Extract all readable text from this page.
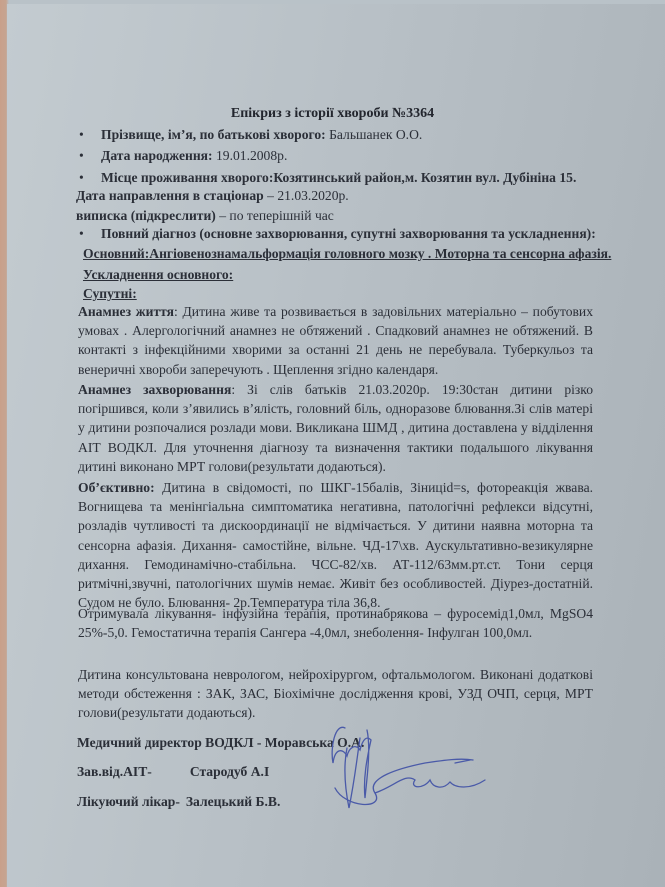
Епікриз з історії хвороби №3364
• Прізвище, ім’я, по батькові хворого: Бальшанек О.О.
• Дата народження: 19.01.2008р.
• Місце проживання хворого:Козятинський район,м. Козятин вул. Дубініна 15.
Дата направлення в стаціонар – 21.03.2020р.
виписка (підкреслити) – по теперішній час
• Повний діагноз (основне захворювання, супутні захворювання та ускладнення):
Основний:Ангіовенознамальформація головного мозку . Моторна та сенсорна афазія.
Ускладнення основного:
Супутні:
Анамнез життя: Дитина живе та розвивається в задовільних матеріально – побутових умовах . Алергологічний анамнез не обтяжений . Спадковий анамнез не обтяжений. В контакті з інфекційними хворими за останні 21 день не перебувала. Туберкульоз та венеричні хвороби заперечують . Щеплення згідно календаря.
Анамнез захворювання: Зі слів батьків 21.03.2020р. 19:30стан дитини різко погіршився, коли з’явились в’ялість, головний біль, одноразове блювання.Зі слів матері у дитини розпочалися розлади мови. Викликана ШМД , дитина доставлена у відділення АІТ ВОДКЛ. Для уточнення діагнозу та визначення тактики подальшого лікування дитині виконано МРТ голови(результати додаються).
Об’єктивно: Дитина в свідомості, по ШКГ-15балів, Зіниціd=s, фотореакція жвава. Вогнищева та менінгіальна симптоматика негативна, патологічні рефлекси відсутні, розладів чутливості та дискоординації не відмічається. У дитини наявна моторна та сенсорна афазія. Дихання- самостійне, вільне. ЧД-17\хв. Аускультативно-везикулярне дихання. Гемодинамічно-стабільна. ЧСС-82/хв. АТ-112/63мм.рт.ст. Тони серця ритмічні,звучні, патологічних шумів немає. Живіт без особливостей. Діурез-достатній. Судом не було. Блювання- 2р.Температура тіла 36,8.
Отримувала лікування- інфузійна терапія, протинабрякова – фуросемід1,0мл, MgSO4 25%-5,0. Гемостатична терапія Сангера -4,0мл, знеболення- Інфулган 100,0мл.
Дитина консультована неврологом, нейрохірургом, офтальмологом. Виконані додаткові методи обстеження : ЗАК, ЗАС, Біохімічне дослідження крові, УЗД ОЧП, серця, МРТ голови(результати додаються).
Медичний директор ВОДКЛ - Моравська О.А.
Зав.від.АІТ-	Стародуб А.І
Лікуючий лікар- Залецький Б.В.
